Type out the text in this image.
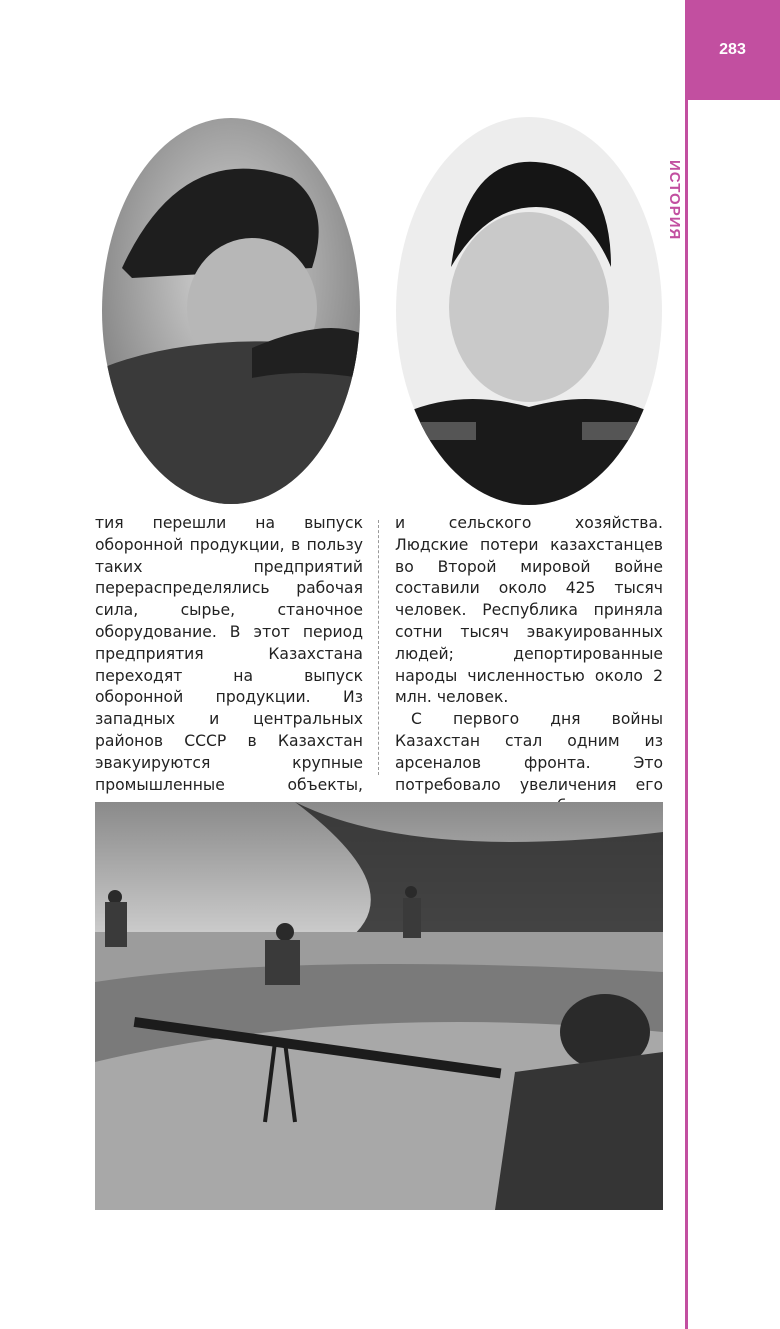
283
ИСТОРИЯ

тия перешли на выпуск оборонной продукции, в пользу таких предприятий перераспределялись рабочая сила, сырье, станочное оборудование. В этот период предприятия Казахстана переходят на выпуск оборонной продукции. Из западных и центральных районов СССР в Казахстан эвакуируются крупные промышленные объекты,

и сельского хозяйства. Людские потери казахстанцев во Второй мировой войне составили около 425 тысяч человек. Республика приняла сотни тысяч эвакуированных людей; депортированные народы численностью около 2 млн. человек.

С первого дня войны Казахстан стал одним из арсеналов фронта. Это потребовало увеличения его
